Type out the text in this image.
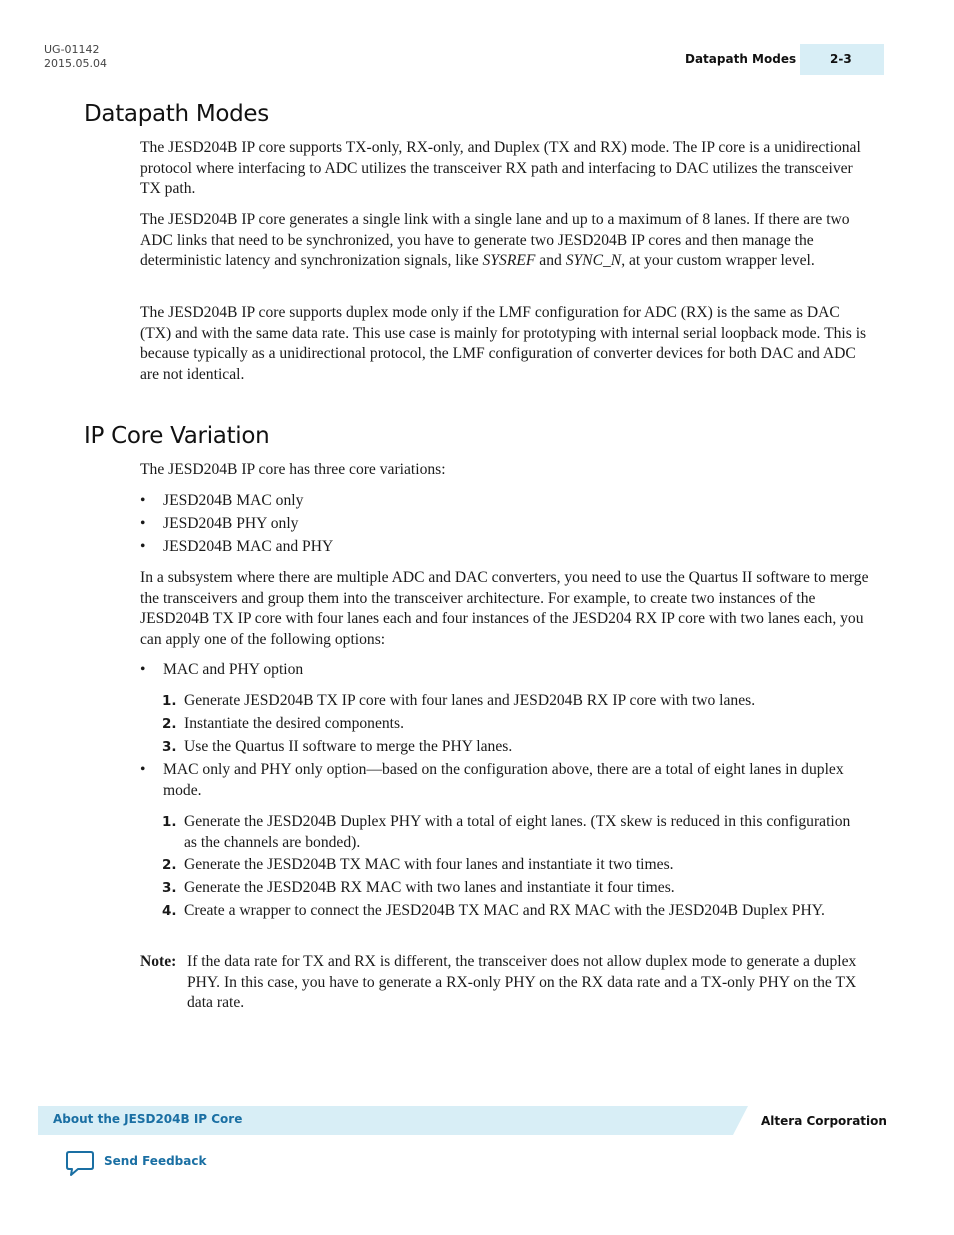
UG-01142
2015.05.04	Datapath Modes	2-3
Datapath Modes

The JESD204B IP core supports TX-only, RX-only, and Duplex (TX and RX) mode. The IP core is a unidirectional protocol where interfacing to ADC utilizes the transceiver RX path and interfacing to DAC utilizes the transceiver TX path.

The JESD204B IP core generates a single link with a single lane and up to a maximum of 8 lanes. If there are two ADC links that need to be synchronized, you have to generate two JESD204B IP cores and then manage the deterministic latency and synchronization signals, like SYSREF and SYNC_N, at your custom wrapper level.

The JESD204B IP core supports duplex mode only if the LMF configuration for ADC (RX) is the same as DAC (TX) and with the same data rate. This use case is mainly for prototyping with internal serial loopback mode. This is because typically as a unidirectional protocol, the LMF configuration of converter devices for both DAC and ADC are not identical.

IP Core Variation

The JESD204B IP core has three core variations:

• JESD204B MAC only
• JESD204B PHY only
• JESD204B MAC and PHY

In a subsystem where there are multiple ADC and DAC converters, you need to use the Quartus II software to merge the transceivers and group them into the transceiver architecture. For example, to create two instances of the JESD204B TX IP core with four lanes each and four instances of the JESD204 RX IP core with two lanes each, you can apply one of the following options:

• MAC and PHY option
1. Generate JESD204B TX IP core with four lanes and JESD204B RX IP core with two lanes.
2. Instantiate the desired components.
3. Use the Quartus II software to merge the PHY lanes.
• MAC only and PHY only option—based on the configuration above, there are a total of eight lanes in duplex mode.
1. Generate the JESD204B Duplex PHY with a total of eight lanes. (TX skew is reduced in this configuration as the channels are bonded).
2. Generate the JESD204B TX MAC with four lanes and instantiate it two times.
3. Generate the JESD204B RX MAC with two lanes and instantiate it four times.
4. Create a wrapper to connect the JESD204B TX MAC and RX MAC with the JESD204B Duplex PHY.
Note: If the data rate for TX and RX is different, the transceiver does not allow duplex mode to generate a duplex PHY. In this case, you have to generate a RX-only PHY on the RX data rate and a TX-only PHY on the TX data rate.
About the JESD204B IP Core	Altera Corporation
Send Feedback
